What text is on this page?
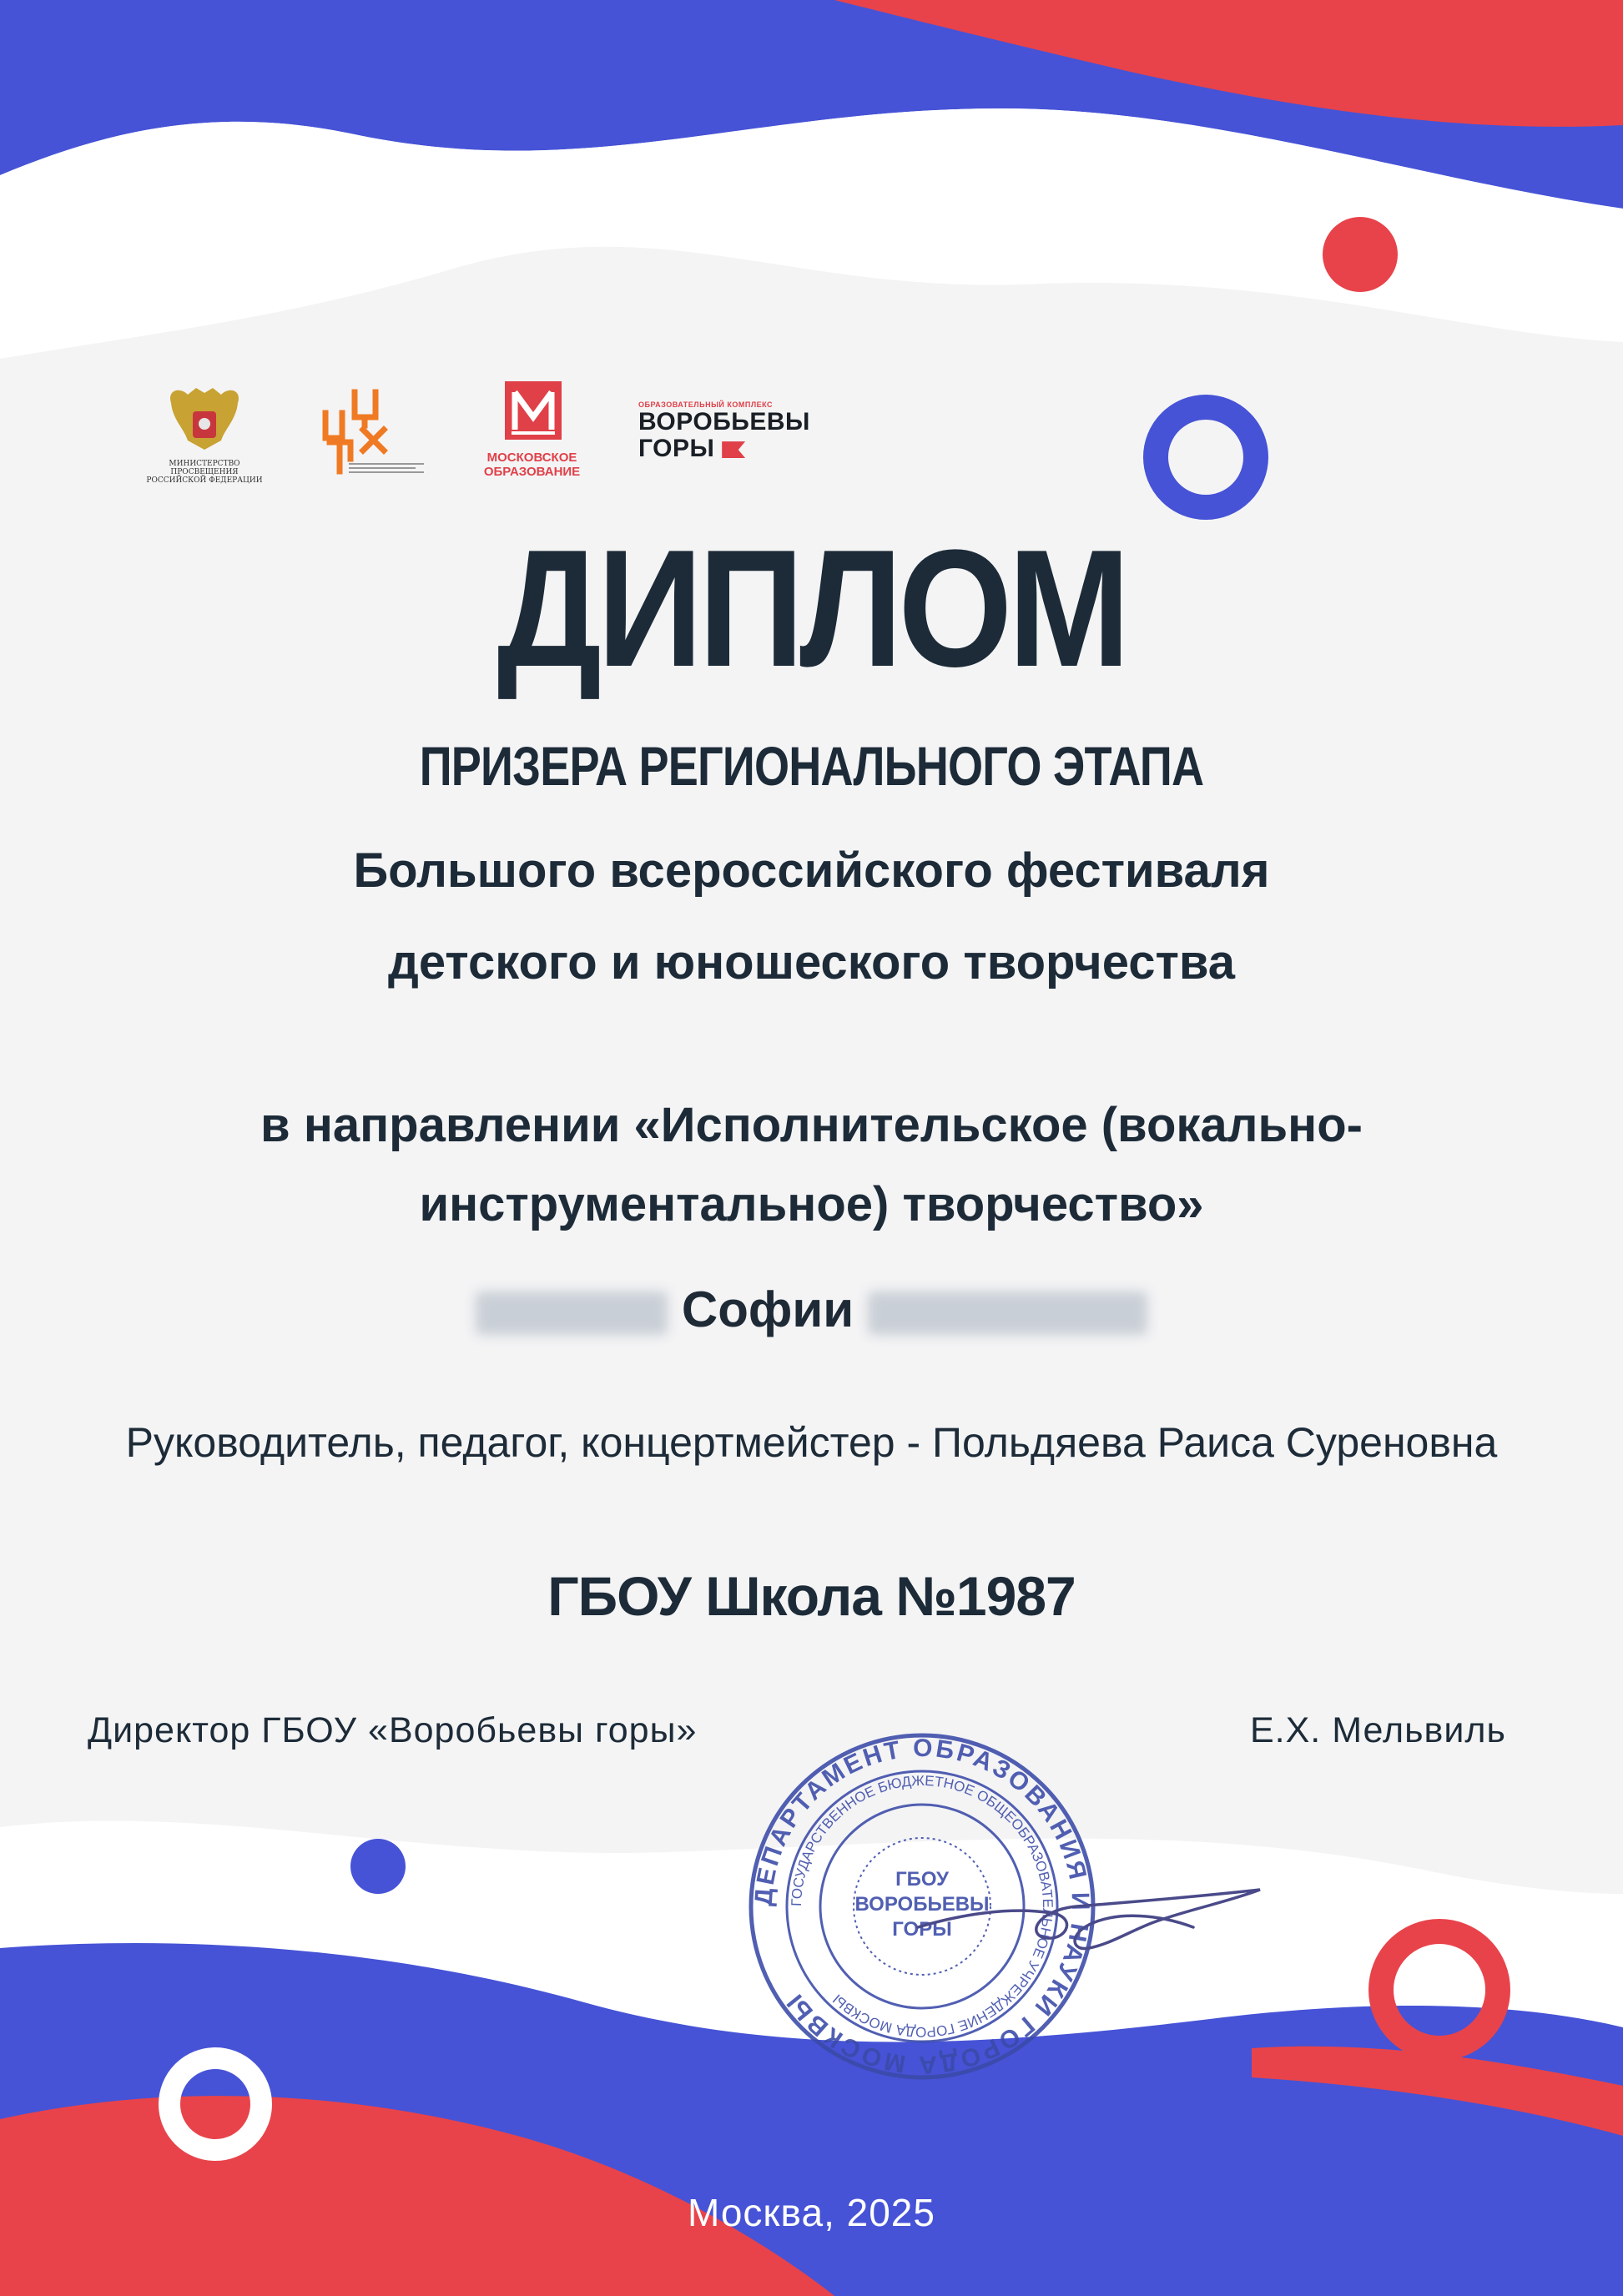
МИНИСТЕРСТВО ПРОСВЕЩЕНИЯ
РОССИЙСКОЙ ФЕДЕРАЦИИ
МОСКОВСКОЕ
ОБРАЗОВАНИЕ
ОБРАЗОВАТЕЛЬНЫЙ КОМПЛЕКС
ВОРОБЬЕВЫ
ГОРЫ
ДИПЛОМ
ПРИЗЕРА РЕГИОНАЛЬНОГО ЭТАПА
Большого всероссийского фестиваля
детского и юношеского творчества
в направлении «Исполнительское (вокально-
инструментальное) творчество»
Софии
Руководитель, педагог, концертмейстер - Польдяева Раиса Суреновна
ГБОУ Школа №1987
Директор ГБОУ «Воробьевы горы»	Е.Х. Мельвиль
ДЕПАРТАМЕНТ ОБРАЗОВАНИЯ И НАУКИ ГОРОДА МОСКВЫ
ГОСУДАРСТВЕННОЕ БЮДЖЕТНОЕ ОБЩЕОБРАЗОВАТЕЛЬНОЕ УЧРЕЖДЕНИЕ ГОРОДА МОСКВЫ
ГБОУ
ВОРОБЬЕВЫ
ГОРЫ
Москва, 2025
